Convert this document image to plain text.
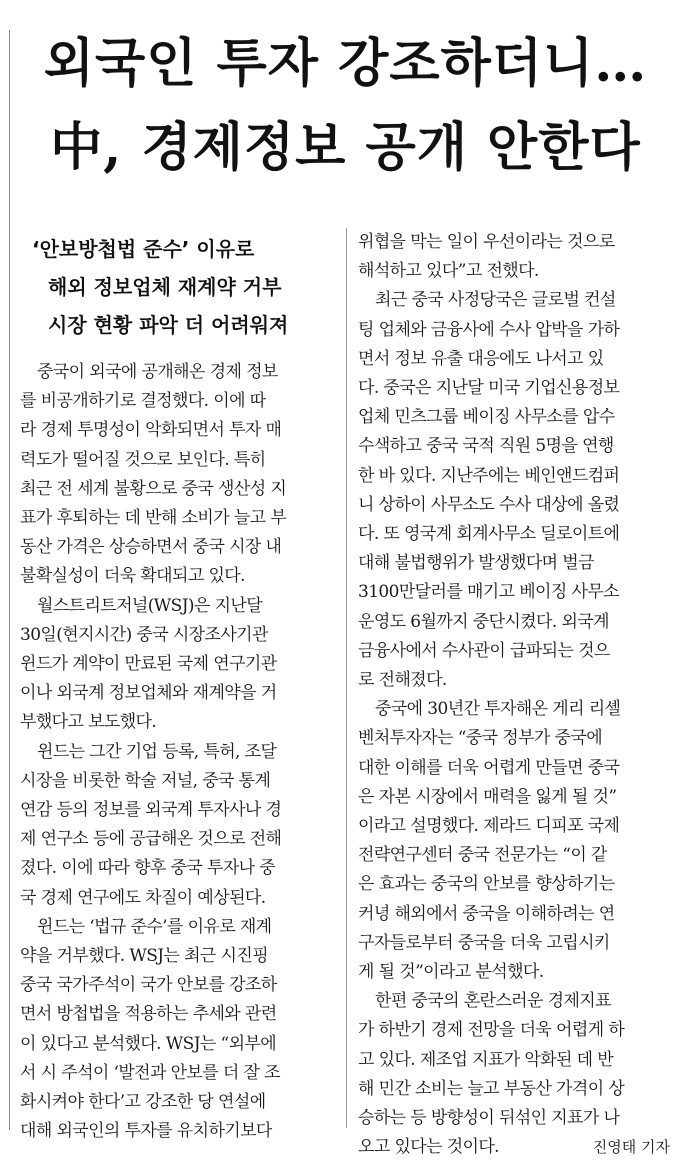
외국인 투자 강조하더니…
中, 경제정보 공개 안한다
‘안보방첩법 준수’ 이유로
해외 정보업체 재계약 거부
시장 현황 파악 더 어려워져
중국이 외국에 공개해온 경제 정보
를 비공개하기로 결정했다. 이에 따
라 경제 투명성이 악화되면서 투자 매
력도가 떨어질 것으로 보인다. 특히
최근 전 세계 불황으로 중국 생산성 지
표가 후퇴하는 데 반해 소비가 늘고 부
동산 가격은 상승하면서 중국 시장 내
불확실성이 더욱 확대되고 있다.
월스트리트저널(WSJ)은 지난달
30일(현지시간) 중국 시장조사기관
윈드가 계약이 만료된 국제 연구기관
이나 외국계 정보업체와 재계약을 거
부했다고 보도했다.
윈드는 그간 기업 등록, 특허, 조달
시장을 비롯한 학술 저널, 중국 통계
연감 등의 정보를 외국계 투자사나 경
제 연구소 등에 공급해온 것으로 전해
졌다. 이에 따라 향후 중국 투자나 중
국 경제 연구에도 차질이 예상된다.
윈드는 ‘법규 준수’를 이유로 재계
약을 거부했다. WSJ는 최근 시진핑
중국 국가주석이 국가 안보를 강조하
면서 방첩법을 적용하는 추세와 관련
이 있다고 분석했다. WSJ는 “외부에
서 시 주석이 ‘발전과 안보를 더 잘 조
화시켜야 한다’고 강조한 당 연설에
대해 외국인의 투자를 유치하기보다
위협을 막는 일이 우선이라는 것으로
해석하고 있다”고 전했다.
최근 중국 사정당국은 글로벌 컨설
팅 업체와 금융사에 수사 압박을 가하
면서 정보 유출 대응에도 나서고 있
다. 중국은 지난달 미국 기업신용정보
업체 민츠그룹 베이징 사무소를 압수
수색하고 중국 국적 직원 5명을 연행
한 바 있다. 지난주에는 베인앤드컴퍼
니 상하이 사무소도 수사 대상에 올렸
다. 또 영국계 회계사무소 딜로이트에
대해 불법행위가 발생했다며 벌금
3100만달러를 매기고 베이징 사무소
운영도 6월까지 중단시켰다. 외국계
금융사에서 수사관이 급파되는 것으
로 전해졌다.
중국에 30년간 투자해온 게리 리셸
벤처투자자는 “중국 정부가 중국에
대한 이해를 더욱 어렵게 만들면 중국
은 자본 시장에서 매력을 잃게 될 것”
이라고 설명했다. 제라드 디피포 국제
전략연구센터 중국 전문가는 “이 같
은 효과는 중국의 안보를 향상하기는
커녕 해외에서 중국을 이해하려는 연
구자들로부터 중국을 더욱 고립시키
게 될 것”이라고 분석했다.
한편 중국의 혼란스러운 경제지표
가 하반기 경제 전망을 더욱 어렵게 하
고 있다. 제조업 지표가 악화된 데 반
해 민간 소비는 늘고 부동산 가격이 상
승하는 등 방향성이 뒤섞인 지표가 나
오고 있다는 것이다.	진영태 기자
